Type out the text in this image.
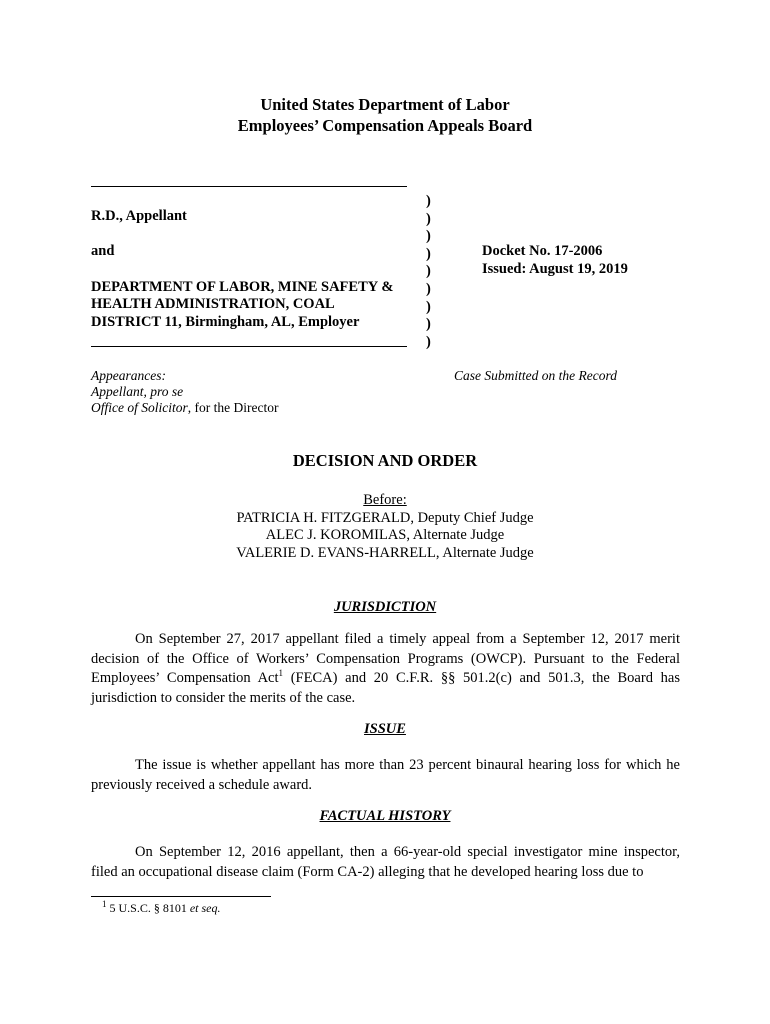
United States Department of Labor
Employees’ Compensation Appeals Board
R.D., Appellant
and
DEPARTMENT OF LABOR, MINE SAFETY &
HEALTH ADMINISTRATION, COAL
DISTRICT 11, Birmingham, AL, Employer
)
)
)
)
)
)
)
)
)
Docket No. 17-2006
Issued: August 19, 2019
Appearances:
Appellant, pro se
Office of Solicitor, for the Director
Case Submitted on the Record
DECISION AND ORDER
Before:
PATRICIA H. FITZGERALD, Deputy Chief Judge
ALEC J. KOROMILAS, Alternate Judge
VALERIE D. EVANS-HARRELL, Alternate Judge
JURISDICTION
On September 27, 2017 appellant filed a timely appeal from a September 12, 2017 merit decision of the Office of Workers’ Compensation Programs (OWCP). Pursuant to the Federal Employees’ Compensation Act$^1$ (FECA) and 20 C.F.R. §§ 501.2(c) and 501.3, the Board has jurisdiction to consider the merits of the case.
ISSUE
The issue is whether appellant has more than 23 percent binaural hearing loss for which he previously received a schedule award.
FACTUAL HISTORY
On September 12, 2016 appellant, then a 66-year-old special investigator mine inspector, filed an occupational disease claim (Form CA-2) alleging that he developed hearing loss due to
$^1$ 5 U.S.C. § 8101 et seq.
